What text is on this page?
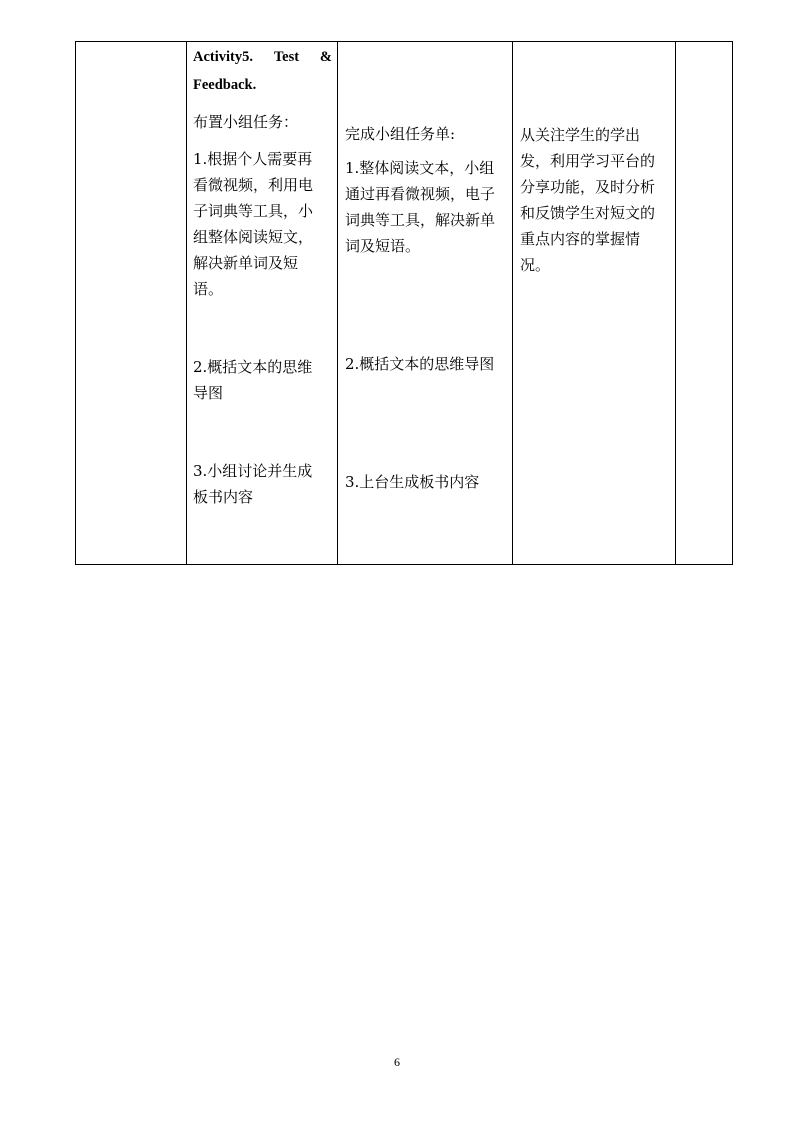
Activity5. Test &
Feedback.

布置小组任务：

1.根据个人需要再
看微视频，利用电
子词典等工具，小
组整体阅读短文，
解决新单词及短
语。
2.概括文本的思维
导图
3.小组讨论并生成
板书内容

完成小组任务单:

1.整体阅读文本，小组
通过再看微视频，电子
词典等工具，解决新单
词及短语。
2.概括文本的思维导图
3.上台生成板书内容
从关注学生的学出
发，利用学习平台的
分享功能，及时分析
和反馈学生对短文的
重点内容的掌握情
况。
6
